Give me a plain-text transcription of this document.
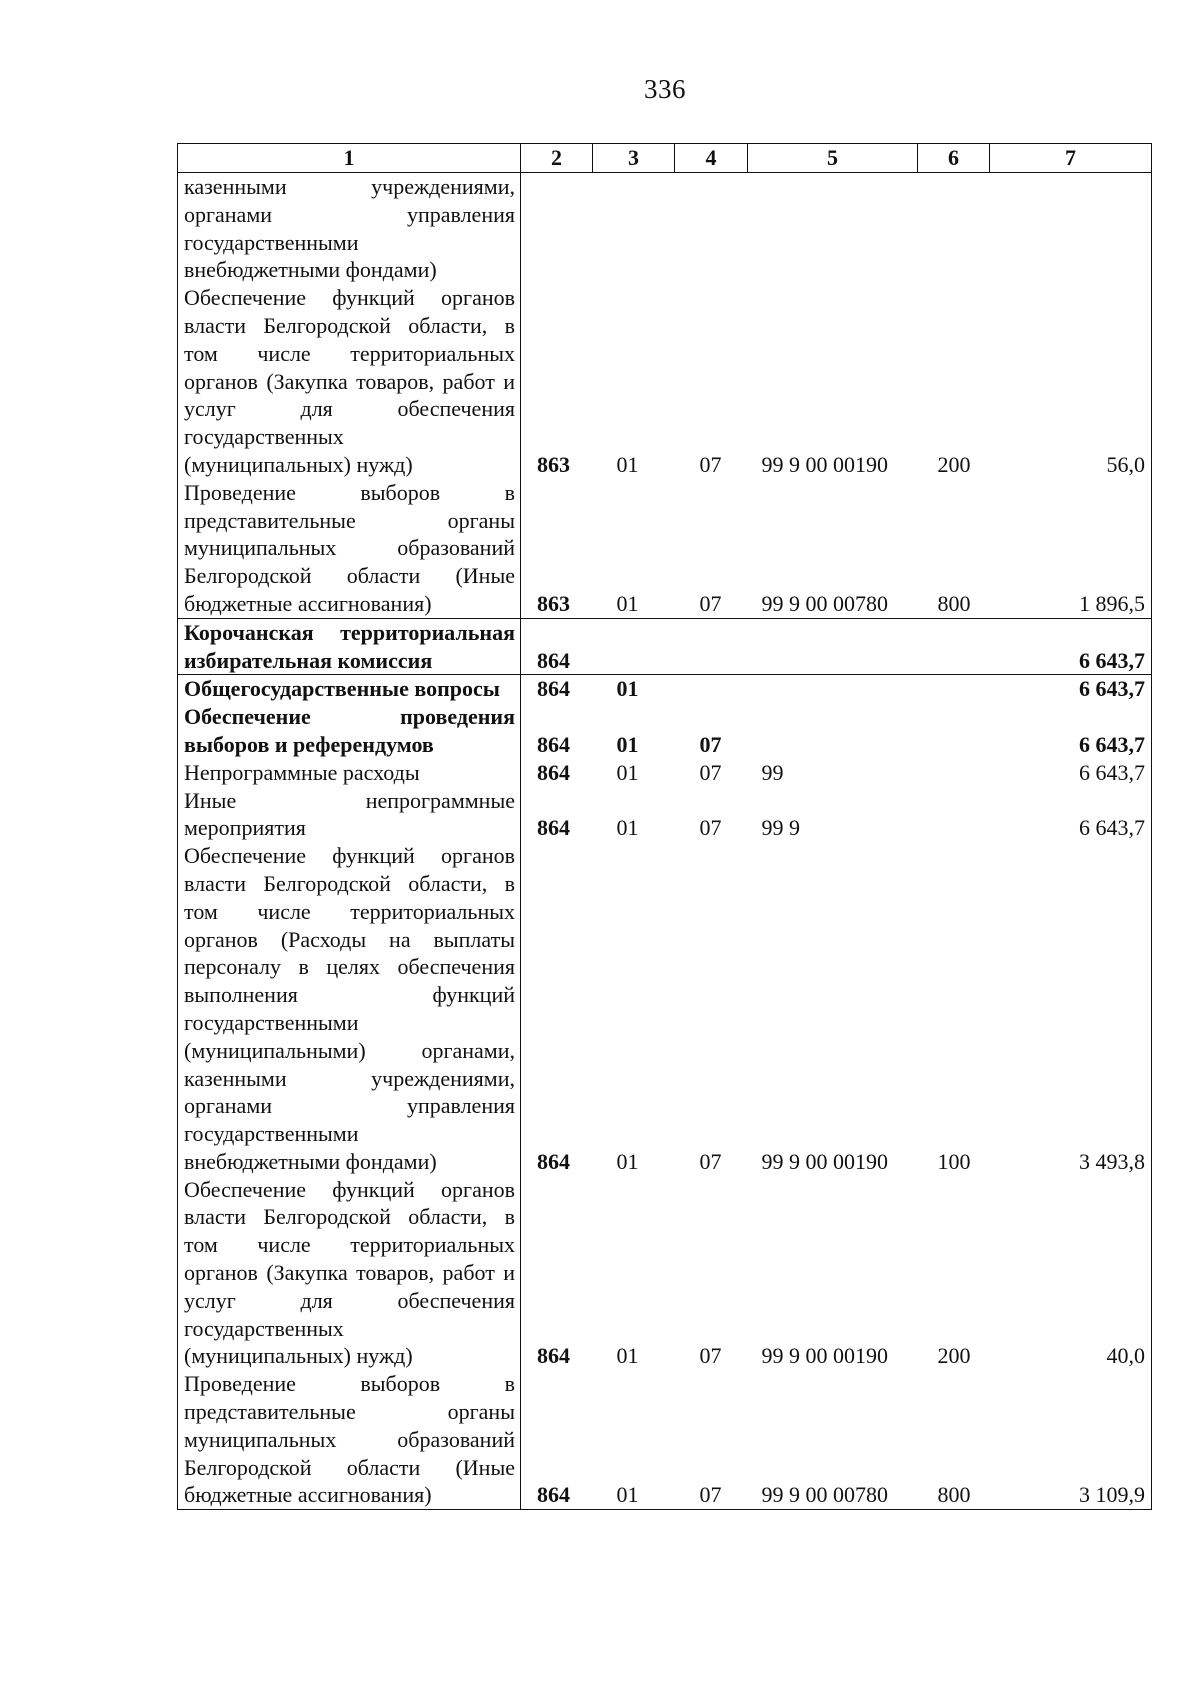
336
1	2	3	4	5	6	7
казенными учреждениями, органами управления государственными внебюджетными фондами)						
Обеспечение функций органов власти Белгородской области, в том числе территориальных органов (Закупка товаров, работ и услуг для обеспечения государственных (муниципальных) нужд)	863	01	07	99 9 00 00190	200	56,0
Проведение выборов в представительные органы муниципальных образований Белгородской области (Иные бюджетные ассигнования)	863	01	07	99 9 00 00780	800	1 896,5
Корочанская территориальная избирательная комиссия	864					6 643,7
Общегосударственные вопросы	864	01				6 643,7
Обеспечение проведения выборов и референдумов	864	01	07			6 643,7
Непрограммные расходы	864	01	07	99		6 643,7
Иные непрограммные мероприятия	864	01	07	99 9		6 643,7
Обеспечение функций органов власти Белгородской области, в том числе территориальных органов (Расходы на выплаты персоналу в целях обеспечения выполнения функций государственными (муниципальными) органами, казенными учреждениями, органами управления государственными внебюджетными фондами)	864	01	07	99 9 00 00190	100	3 493,8
Обеспечение функций органов власти Белгородской области, в том числе территориальных органов (Закупка товаров, работ и услуг для обеспечения государственных (муниципальных) нужд)	864	01	07	99 9 00 00190	200	40,0
Проведение выборов в представительные органы муниципальных образований Белгородской области (Иные бюджетные ассигнования)	864	01	07	99 9 00 00780	800	3 109,9
